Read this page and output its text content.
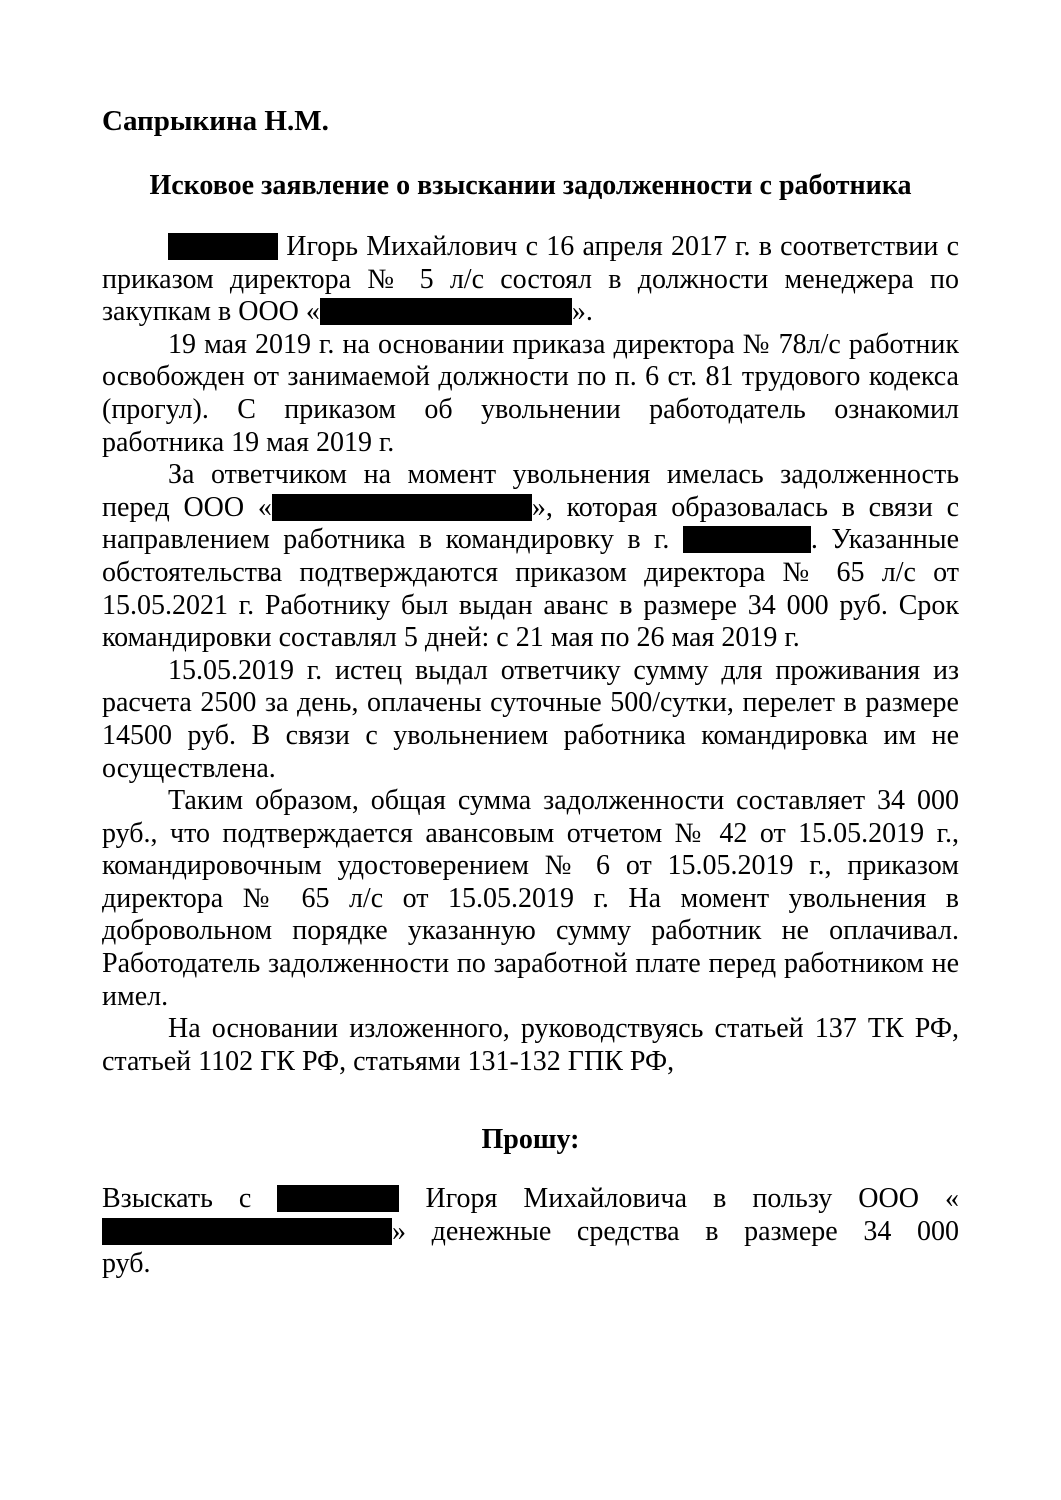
Сапрыкина Н.М.
Исковое заявление о взыскании задолженности с работника

Игорь Михайлович с 16 апреля 2017 г. в соответствии с приказом директора № 5 л/с состоял в должности менеджера по закупкам в ООО «	».

19 мая 2019 г. на основании приказа директора № 78л/с работник освобожден от занимаемой должности по п. 6 ст. 81 трудового кодекса (прогул). С приказом об увольнении работодатель ознакомил работника 19 мая 2019 г.

За ответчиком на момент увольнения имелась задолженность перед ООО «	», которая образовалась в связи с направлением работника в командировку в г.	. Указанные обстоятельства подтверждаются приказом директора № 65 л/с от 15.05.2021 г. Работнику был выдан аванс в размере 34 000 руб. Срок командировки составлял 5 дней: с 21 мая по 26 мая 2019 г.

15.05.2019 г. истец выдал ответчику сумму для проживания из расчета 2500 за день, оплачены суточные 500/сутки, перелет в размере 14500 руб. В связи с увольнением работника командировка им не осуществлена.

Таким образом, общая сумма задолженности составляет 34 000 руб., что подтверждается авансовым отчетом № 42 от 15.05.2019 г., командировочным удостоверением № 6 от 15.05.2019 г., приказом директора № 65 л/с от 15.05.2019 г. На момент увольнения в добровольном порядке указанную сумму работник не оплачивал. Работодатель задолженности по заработной плате перед работником не имел.

На основании изложенного, руководствуясь статьей 137 ТК РФ, статьей 1102 ГК РФ, статьями 131-132 ГПК РФ,

Прошу:

Взыскать с	Игоря Михайловича в пользу ООО «» денежные средства в размере 34 000 руб.
